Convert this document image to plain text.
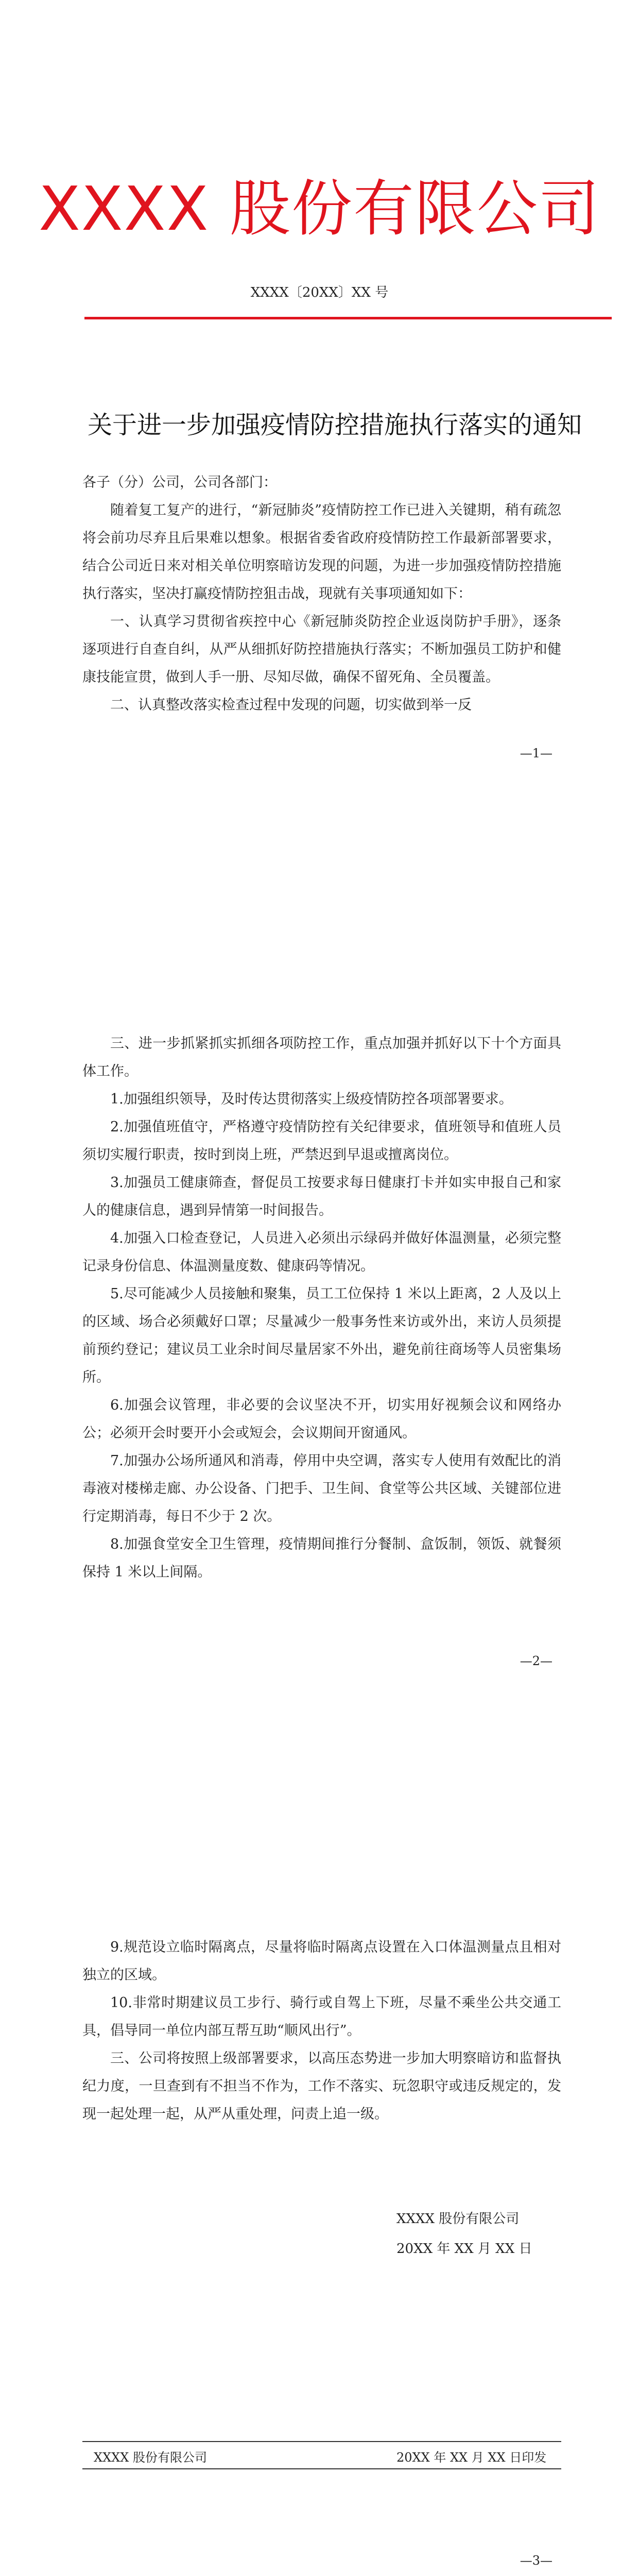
XXXX 股份有限公司
XXXX〔20XX〕XX 号
关于进一步加强疫情防控措施执行落实的通知

各子（分）公司，公司各部门：

随着复工复产的进行，“新冠肺炎”疫情防控工作已进入关键期，稍有疏忽将会前功尽弃且后果难以想象。根据省委省政府疫情防控工作最新部署要求，结合公司近日来对相关单位明察暗访发现的问题，为进一步加强疫情防控措施执行落实，坚决打赢疫情防控狙击战，现就有关事项通知如下：

一、认真学习贯彻省疾控中心《新冠肺炎防控企业返岗防护手册》，逐条逐项进行自查自纠，从严从细抓好防控措施执行落实；不断加强员工防护和健康技能宣贯，做到人手一册、尽知尽做，确保不留死角、全员覆盖。

二、认真整改落实检查过程中发现的问题，切实做到举一反

—1—

三、进一步抓紧抓实抓细各项防控工作，重点加强并抓好以下十个方面具体工作。

1.加强组织领导，及时传达贯彻落实上级疫情防控各项部署要求。

2.加强值班值守，严格遵守疫情防控有关纪律要求，值班领导和值班人员须切实履行职责，按时到岗上班，严禁迟到早退或擅离岗位。

3.加强员工健康筛查，督促员工按要求每日健康打卡并如实申报自己和家人的健康信息，遇到异情第一时间报告。

4.加强入口检查登记，人员进入必须出示绿码并做好体温测量，必须完整记录身份信息、体温测量度数、健康码等情况。

5.尽可能减少人员接触和聚集，员工工位保持 1 米以上距离，2 人及以上的区域、场合必须戴好口罩；尽量减少一般事务性来访或外出，来访人员须提前预约登记；建议员工业余时间尽量居家不外出，避免前往商场等人员密集场所。

6.加强会议管理，非必要的会议坚决不开，切实用好视频会议和网络办公；必须开会时要开小会或短会，会议期间开窗通风。

7.加强办公场所通风和消毒，停用中央空调，落实专人使用有效配比的消毒液对楼梯走廊、办公设备、门把手、卫生间、食堂等公共区域、关键部位进行定期消毒，每日不少于 2 次。

8.加强食堂安全卫生管理，疫情期间推行分餐制、盒饭制，领饭、就餐须保持 1 米以上间隔。

—2—

9.规范设立临时隔离点，尽量将临时隔离点设置在入口体温测量点且相对独立的区域。

10.非常时期建议员工步行、骑行或自驾上下班，尽量不乘坐公共交通工具，倡导同一单位内部互帮互助“顺风出行”。

三、公司将按照上级部署要求，以高压态势进一步加大明察暗访和监督执纪力度，一旦查到有不担当不作为，工作不落实、玩忽职守或违反规定的，发现一起处理一起，从严从重处理，问责上追一级。

XXXX 股份有限公司
20XX 年 XX 月 XX 日
XXXX 股份有限公司	20XX 年 XX 月 XX 日印发
—3—
